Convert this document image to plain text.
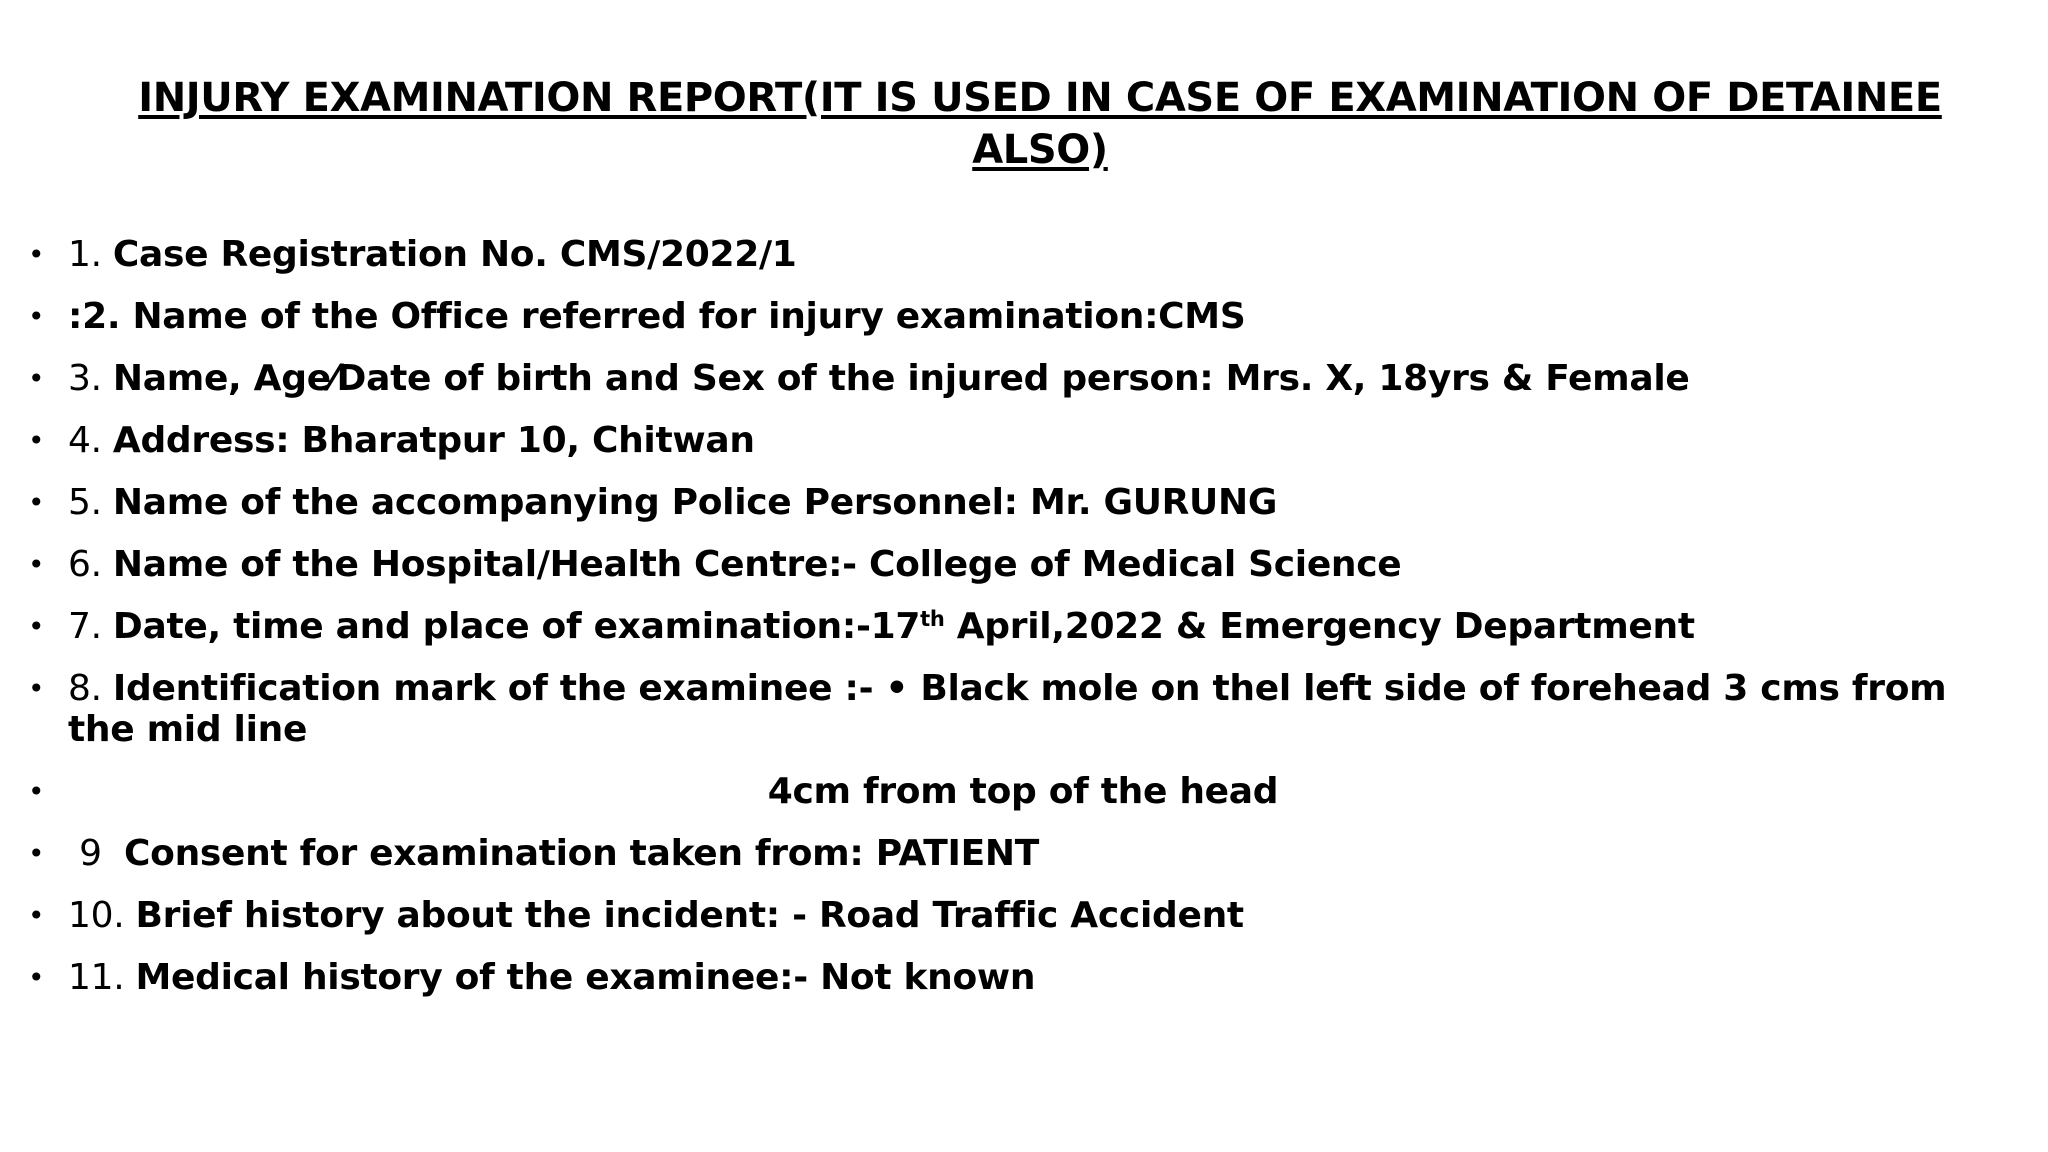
INJURY EXAMINATION REPORT(IT IS USED IN CASE OF EXAMINATION OF DETAINEE ALSO)
• 1. Case Registration No. CMS/2022/1
• :2. Name of the Office referred for injury examination:CMS
• 3. Name, Age⁄Date of birth and Sex of the injured person: Mrs. X, 18yrs & Female
• 4. Address: Bharatpur 10, Chitwan
• 5. Name of the accompanying Police Personnel: Mr. GURUNG
• 6. Name of the Hospital/Health Centre:- College of Medical Science
• 7. Date, time and place of examination:-17th April,2022 & Emergency Department
• 8. Identification mark of the examinee :- • Black mole on thel left side of forehead 3 cms from the mid line
•	4cm from top of the head
• 9  Consent for examination taken from: PATIENT
• 10. Brief history about the incident: - Road Traffic Accident
• 11. Medical history of the examinee:- Not known
